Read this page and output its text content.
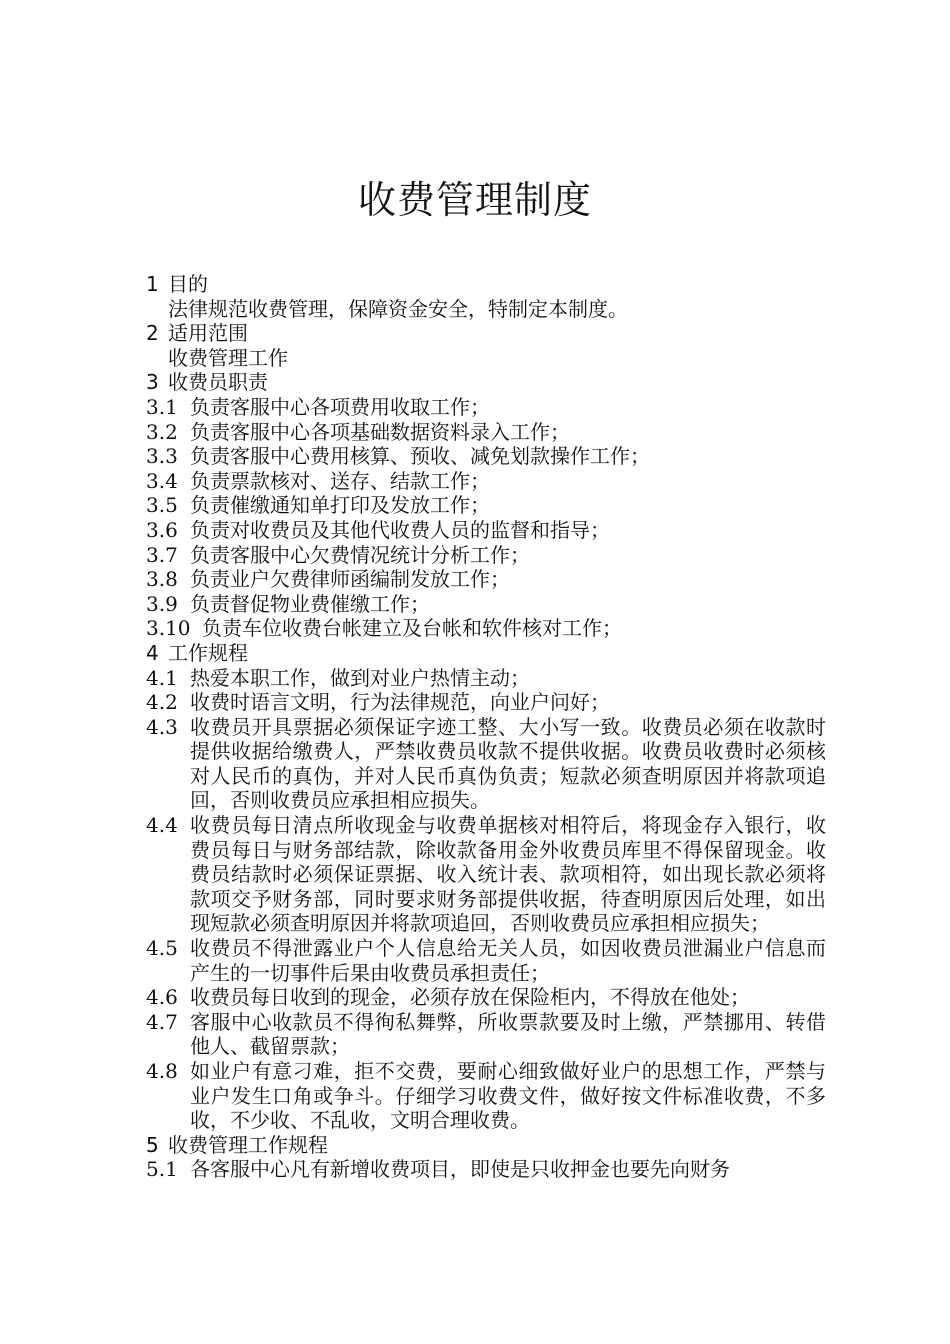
收费管理制度
1 目的
法律规范收费管理，保障资金安全，特制定本制度。
2 适用范围
收费管理工作
3 收费员职责
3.1 负责客服中心各项费用收取工作；
3.2 负责客服中心各项基础数据资料录入工作；
3.3 负责客服中心费用核算、预收、减免划款操作工作；
3.4 负责票款核对、送存、结款工作；
3.5 负责催缴通知单打印及发放工作；
3.6 负责对收费员及其他代收费人员的监督和指导；
3.7 负责客服中心欠费情况统计分析工作；
3.8 负责业户欠费律师函编制发放工作；
3.9 负责督促物业费催缴工作；
3.10 负责车位收费台帐建立及台帐和软件核对工作；
4 工作规程
4.1 热爱本职工作，做到对业户热情主动；
4.2 收费时语言文明，行为法律规范，向业户问好；
4.3 收费员开具票据必须保证字迹工整、大小写一致。收费员必须在收款时提供收据给缴费人，严禁收费员收款不提供收据。收费员收费时必须核对人民币的真伪，并对人民币真伪负责；短款必须查明原因并将款项追回，否则收费员应承担相应损失。
4.4 收费员每日清点所收现金与收费单据核对相符后，将现金存入银行，收费员每日与财务部结款，除收款备用金外收费员库里不得保留现金。收费员结款时必须保证票据、收入统计表、款项相符，如出现长款必须将款项交予财务部，同时要求财务部提供收据，待查明原因后处理，如出现短款必须查明原因并将款项追回，否则收费员应承担相应损失；
4.5 收费员不得泄露业户个人信息给无关人员，如因收费员泄漏业户信息而产生的一切事件后果由收费员承担责任；
4.6 收费员每日收到的现金，必须存放在保险柜内，不得放在他处；
4.7 客服中心收款员不得徇私舞弊，所收票款要及时上缴，严禁挪用、转借他人、截留票款；
4.8 如业户有意刁难，拒不交费，要耐心细致做好业户的思想工作，严禁与业户发生口角或争斗。仔细学习收费文件，做好按文件标准收费，不多收，不少收、不乱收，文明合理收费。
5 收费管理工作规程
5.1 各客服中心凡有新增收费项目，即使是只收押金也要先向财务
